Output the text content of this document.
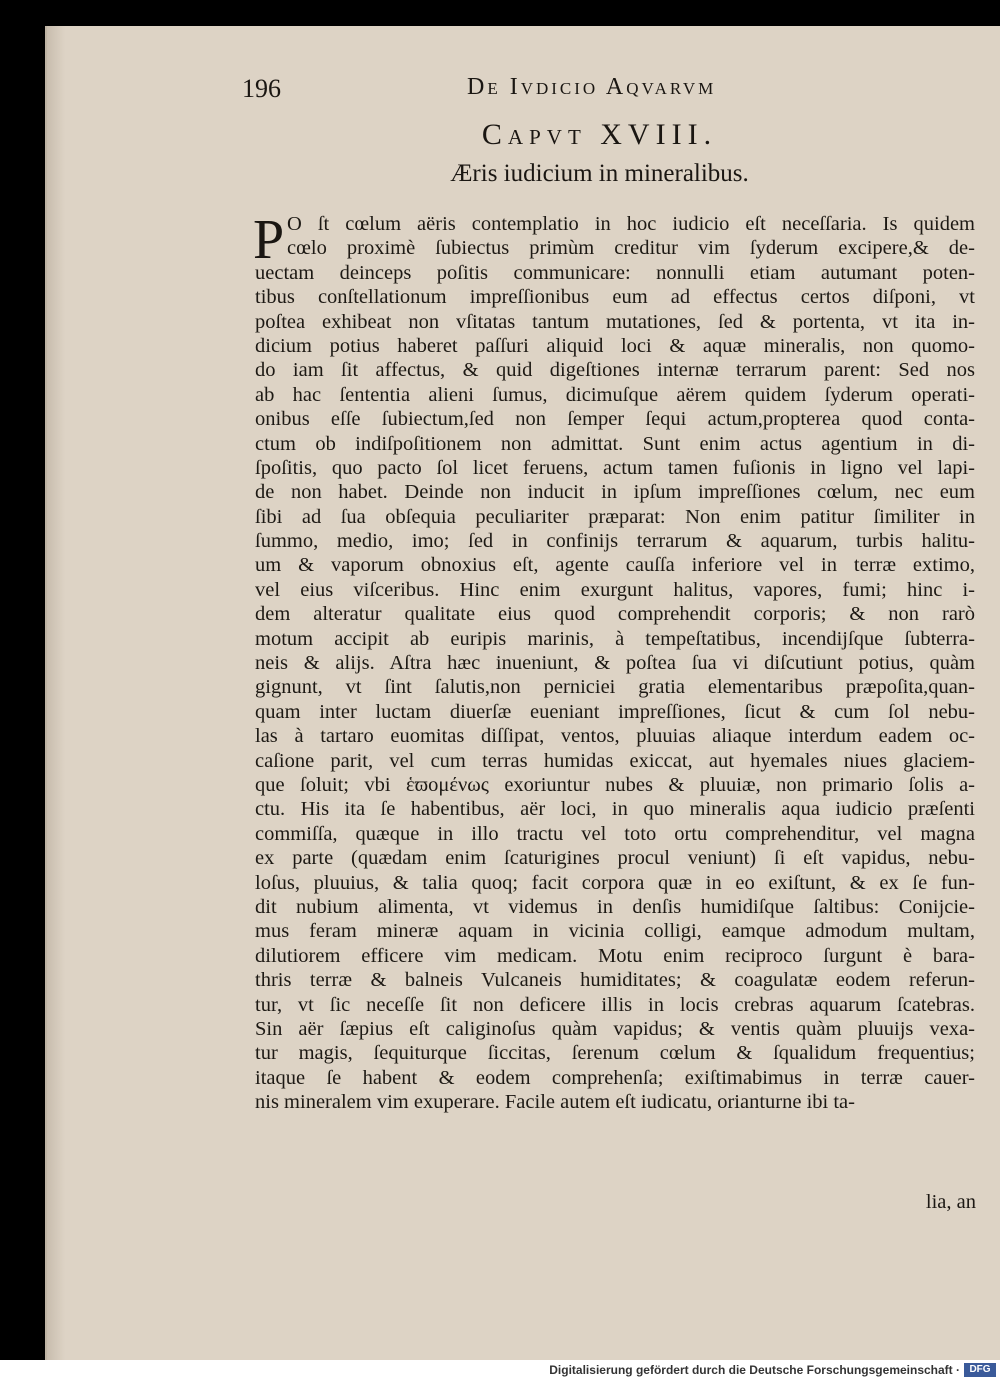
196	De Ivdicio Aqvarvm
Capvt XVIII.
Æris iudicium in mineralibus.
P O ſt cœlum aëris contemplatio in hoc iudicio eſt neceſſaria. Is quidem
cœlo proximè ſubiectus primùm creditur vim ſyderum excipere,& de-
uectam deinceps poſitis communicare: nonnulli etiam autumant poten-
tibus conſtellationum impreſſionibus eum ad effectus certos diſponi, vt
poſtea exhibeat non vſitatas tantum mutationes, ſed & portenta, vt ita in-
dicium potius haberet paſſuri aliquid loci & aquæ mineralis, non quomo-
do iam ſit affectus, & quid digeſtiones internæ terrarum parent: Sed nos
ab hac ſententia alieni ſumus, dicimuſque aërem quidem ſyderum operati-
onibus eſſe ſubiectum,ſed non ſemper ſequi actum,propterea quod conta-
ctum ob indiſpoſitionem non admittat. Sunt enim actus agentium in di-
ſpoſitis, quo pacto ſol licet feruens, actum tamen fuſionis in ligno vel lapi-
de non habet. Deinde non inducit in ipſum impreſſiones cœlum, nec eum
ſibi ad ſua obſequia peculiariter præparat: Non enim patitur ſimiliter in
ſummo, medio, imo; ſed in confinijs terrarum & aquarum, turbis halitu-
um & vaporum obnoxius eſt, agente cauſſa inferiore vel in terræ extimo,
vel eius viſceribus. Hinc enim exurgunt halitus, vapores, fumi; hinc i-
dem alteratur qualitate eius quod comprehendit corporis; & non rarò
motum accipit ab euripis marinis, à tempeſtatibus, incendijſque ſubterra-
neis & alijs. Aſtra hæc inueniunt, & poſtea ſua vi diſcutiunt potius, quàm
gignunt, vt ſint ſalutis,non perniciei gratia elementaribus præpoſita,quan-
quam inter luctam diuerſæ eueniant impreſſiones, ſicut & cum ſol nebu-
las à tartaro euomitas diſſipat, ventos, pluuias aliaque interdum eadem oc-
caſione parit, vel cum terras humidas exiccat, aut hyemales niues glaciem-
que ſoluit; vbi ἑϖομένως exoriuntur nubes & pluuiæ, non primario ſolis a-
ctu. His ita ſe habentibus, aër loci, in quo mineralis aqua iudicio præſenti
commiſſa, quæque in illo tractu vel toto ortu comprehenditur, vel magna
ex parte (quædam enim ſcaturigines procul veniunt) ſi eſt vapidus, nebu-
loſus, pluuius, & talia quoq; facit corpora quæ in eo exiſtunt, & ex ſe fun-
dit nubium alimenta, vt videmus in denſis humidiſque ſaltibus: Conijcie-
mus feram mineræ aquam in vicinia colligi, eamque admodum multam,
dilutiorem efficere vim medicam. Motu enim reciproco ſurgunt è bara-
thris terræ & balneis Vulcaneis humiditates; & coagulatæ eodem referun-
tur, vt ſic neceſſe ſit non deficere illis in locis crebras aquarum ſcatebras.
Sin aër ſæpius eſt caliginoſus quàm vapidus; & ventis quàm pluuijs vexa-
tur magis, ſequiturque ſiccitas, ſerenum cœlum & ſqualidum frequentius;
itaque ſe habent & eodem comprehenſa; exiſtimabimus in terræ cauer-
nis mineralem vim exuperare. Facile autem eſt iudicatu, orianturne ibi ta-
lia, an
Digitalisierung gefördert durch die Deutsche Forschungsgemeinschaft · DFG
